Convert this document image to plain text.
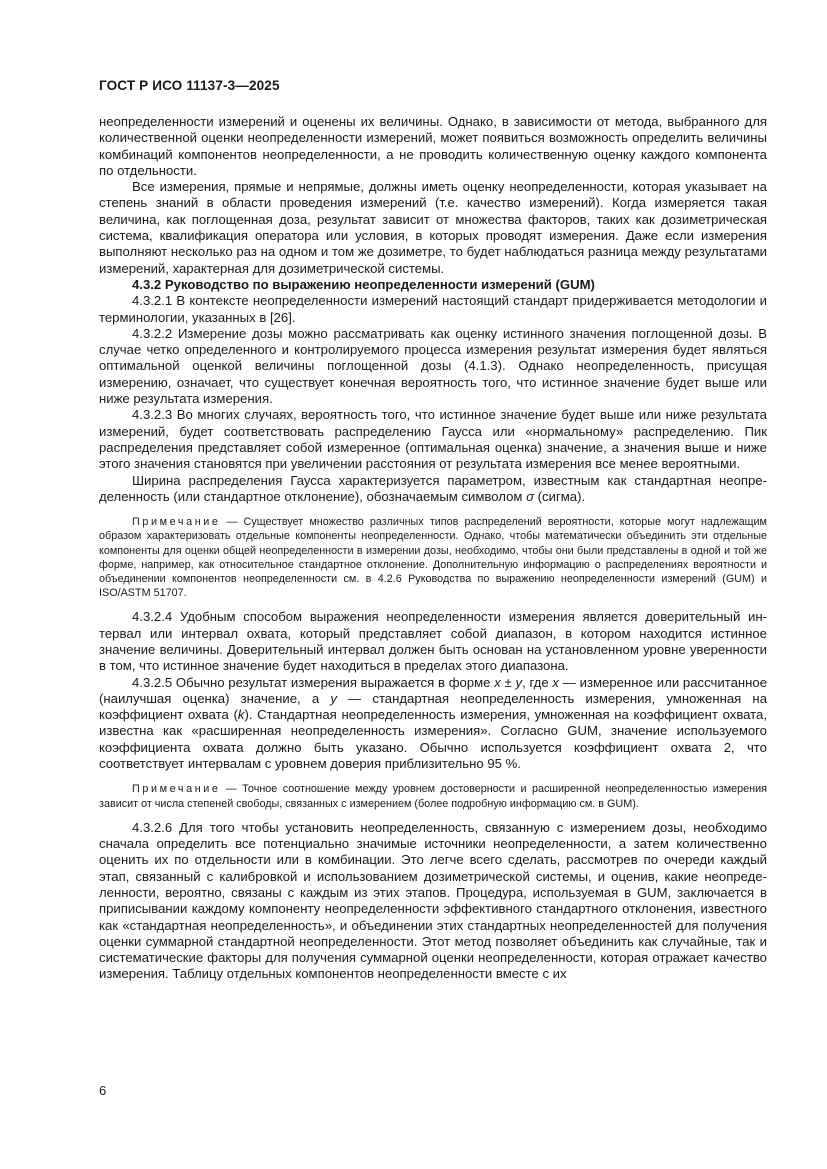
ГОСТ Р ИСО 11137-3—2025

неопределенности измерений и оценены их величины. Однако, в зависимости от метода, выбранного для количественной оценки неопределенности измерений, может появиться возможность определить величины комбинаций компонентов неопределенности, а не проводить количественную оценку каждого компонента по отдельности.

Все измерения, прямые и непрямые, должны иметь оценку неопределенности, которая указывает на степень знаний в области проведения измерений (т.е. качество измерений). Когда измеряется такая величина, как поглощенная доза, результат зависит от множества факторов, таких как дозиметрическая система, квалификация оператора или условия, в которых проводят измерения. Даже если измерения выполняют несколько раз на одном и том же дозиметре, то будет наблюдаться разница между результатами измерений, характерная для дозиметрической системы.

4.3.2 Руководство по выражению неопределенности измерений (GUM)

4.3.2.1 В контексте неопределенности измерений настоящий стандарт придерживается методологии и терминологии, указанных в [26].

4.3.2.2 Измерение дозы можно рассматривать как оценку истинного значения поглощенной дозы. В случае четко определенного и контролируемого процесса измерения результат измерения будет являться оптимальной оценкой величины поглощенной дозы (4.1.3). Однако неопределенность, присущая измерению, означает, что существует конечная вероятность того, что истинное значение будет выше или ниже результата измерения.

4.3.2.3 Во многих случаях, вероятность того, что истинное значение будет выше или ниже результата измерений, будет соответствовать распределению Гаусса или «нормальному» распределению. Пик распределения представляет собой измеренное (оптимальная оценка) значение, а значения выше и ниже этого значения становятся при увеличении расстояния от результата измерения все менее вероятными.

Ширина распределения Гаусса характеризуется параметром, известным как стандартная неопределенность (или стандартное отклонение), обозначаемым символом σ (сигма).

Примечание — Существует множество различных типов распределений вероятности, которые могут надлежащим образом характеризовать отдельные компоненты неопределенности. Однако, чтобы математически объединить эти отдельные компоненты для оценки общей неопределенности в измерении дозы, необходимо, чтобы они были представлены в одной и той же форме, например, как относительное стандартное отклонение. Дополнительную информацию о распределениях вероятности и объединении компонентов неопределенности см. в 4.2.6 Руководства по выражению неопределенности измерений (GUM) и ISO/ASTM 51707.

4.3.2.4 Удобным способом выражения неопределенности измерения является доверительный интервал или интервал охвата, который представляет собой диапазон, в котором находится истинное значение величины. Доверительный интервал должен быть основан на установленном уровне уверенности в том, что истинное значение будет находиться в пределах этого диапазона.

4.3.2.5 Обычно результат измерения выражается в форме x ± y, где x — измеренное или рассчитанное (наилучшая оценка) значение, а y — стандартная неопределенность измерения, умноженная на коэффициент охвата (k). Стандартная неопределенность измерения, умноженная на коэффициент охвата, известна как «расширенная неопределенность измерения». Согласно GUM, значение используемого коэффициента охвата должно быть указано. Обычно используется коэффициент охвата 2, что соответствует интервалам с уровнем доверия приблизительно 95 %.

Примечание — Точное соотношение между уровнем достоверности и расширенной неопределенностью измерения зависит от числа степеней свободы, связанных с измерением (более подробную информацию см. в GUM).

4.3.2.6 Для того чтобы установить неопределенность, связанную с измерением дозы, необходимо сначала определить все потенциально значимые источники неопределенности, а затем количественно оценить их по отдельности или в комбинации. Это легче всего сделать, рассмотрев по очереди каждый этап, связанный с калибровкой и использованием дозиметрической системы, и оценив, какие неопределенности, вероятно, связаны с каждым из этих этапов. Процедура, используемая в GUM, заключается в приписывании каждому компоненту неопределенности эффективного стандартного отклонения, известного как «стандартная неопределенность», и объединении этих стандартных неопределенностей для получения оценки суммарной стандартной неопределенности. Этот метод позволяет объединить как случайные, так и систематические факторы для получения суммарной оценки неопределенности, которая отражает качество измерения. Таблицу отдельных компонентов неопределенности вместе с их

6
